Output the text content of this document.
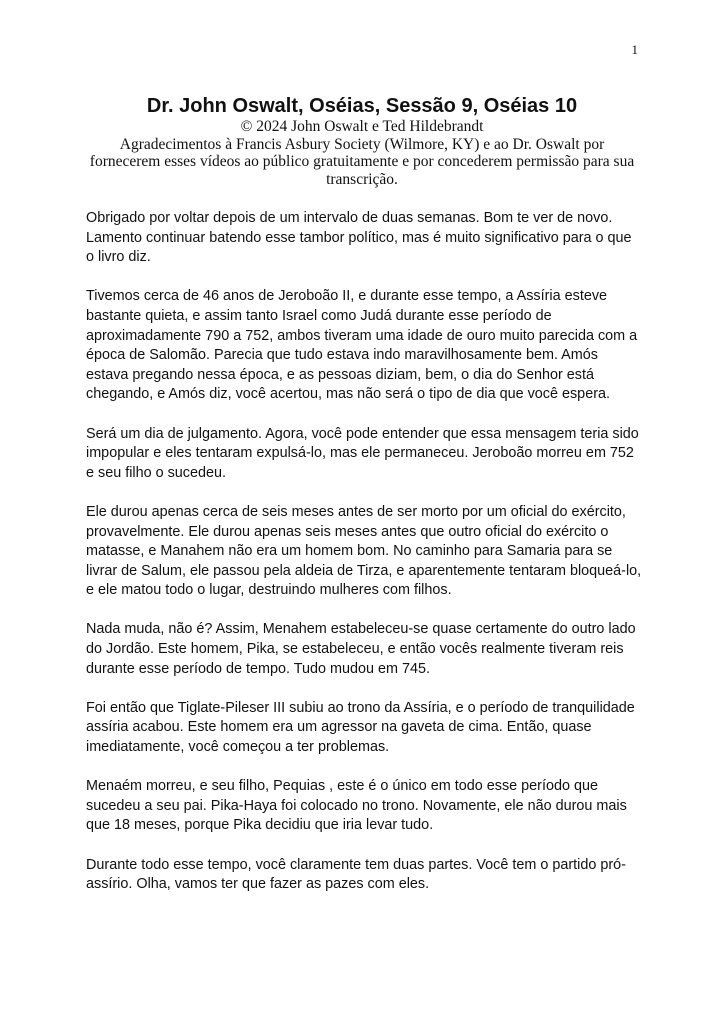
1
Dr. John Oswalt, Oséias, Sessão 9, Oséias 10

© 2024 John Oswalt e Ted Hildebrandt

Agradecimentos à Francis Asbury Society (Wilmore, KY) e ao Dr. Oswalt por fornecerem esses vídeos ao público gratuitamente e por concederem permissão para sua transcrição.

Obrigado por voltar depois de um intervalo de duas semanas. Bom te ver de novo. Lamento continuar batendo esse tambor político, mas é muito significativo para o que o livro diz.

Tivemos cerca de 46 anos de Jeroboão II, e durante esse tempo, a Assíria esteve bastante quieta, e assim tanto Israel como Judá durante esse período de aproximadamente 790 a 752, ambos tiveram uma idade de ouro muito parecida com a época de Salomão. Parecia que tudo estava indo maravilhosamente bem. Amós estava pregando nessa época, e as pessoas diziam, bem, o dia do Senhor está chegando, e Amós diz, você acertou, mas não será o tipo de dia que você espera.

Será um dia de julgamento. Agora, você pode entender que essa mensagem teria sido impopular e eles tentaram expulsá-lo, mas ele permaneceu. Jeroboão morreu em 752 e seu filho o sucedeu.

Ele durou apenas cerca de seis meses antes de ser morto por um oficial do exército, provavelmente. Ele durou apenas seis meses antes que outro oficial do exército o matasse, e Manahem não era um homem bom. No caminho para Samaria para se livrar de Salum, ele passou pela aldeia de Tirza, e aparentemente tentaram bloqueá-lo, e ele matou todo o lugar, destruindo mulheres com filhos.

Nada muda, não é? Assim, Menahem estabeleceu-se quase certamente do outro lado do Jordão. Este homem, Pika, se estabeleceu, e então vocês realmente tiveram reis durante esse período de tempo. Tudo mudou em 745.

Foi então que Tiglate-Pileser III subiu ao trono da Assíria, e o período de tranquilidade assíria acabou. Este homem era um agressor na gaveta de cima. Então, quase imediatamente, você começou a ter problemas.

Menaém morreu, e seu filho, Pequias , este é o único em todo esse período que sucedeu a seu pai. Pika-Haya foi colocado no trono. Novamente, ele não durou mais que 18 meses, porque Pika decidiu que iria levar tudo.

Durante todo esse tempo, você claramente tem duas partes. Você tem o partido pró-assírio. Olha, vamos ter que fazer as pazes com eles.
